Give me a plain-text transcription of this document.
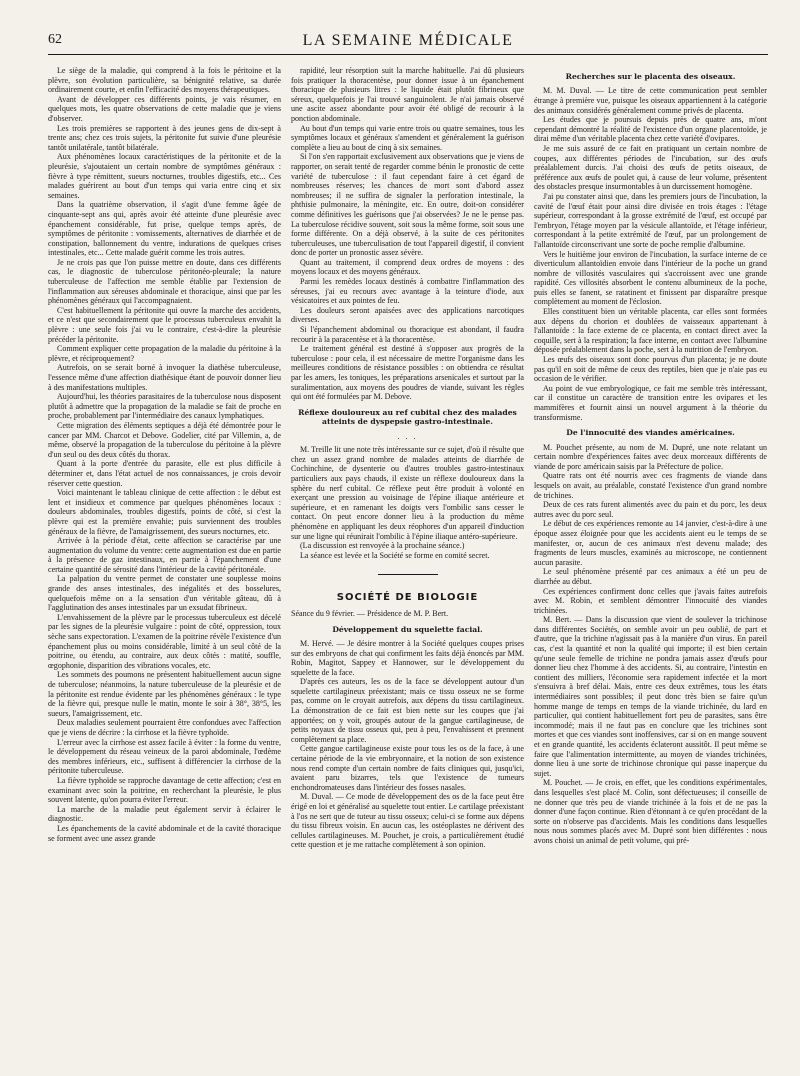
62	LA SEMAINE MÉDICALE

Le siège de la maladie, qui comprend à la fois le péritoine et la plèvre, son évolution particulière, sa bénignité relative, sa durée ordinairement courte, et enfin l'efficacité des moyens thérapeutiques.

Avant de développer ces différents points, je vais résumer, en quelques mots, les quatre observations de cette maladie que je viens d'observer.

Les trois premières se rapportent à des jeunes gens de dix-sept à trente ans; chez ces trois sujets, la péritonite fut suivie d'une pleurésie tantôt unilatérale, tantôt bilatérale.

Aux phénomènes locaux caractéristiques de la péritonite et de la pleurésie, s'ajoutaient un certain nombre de symptômes généraux : fièvre à type rémittent, sueurs nocturnes, troubles digestifs, etc... Ces malades guérirent au bout d'un temps qui varia entre cinq et six semaines.

Dans la quatrième observation, il s'agit d'une femme âgée de cinquante-sept ans qui, après avoir été atteinte d'une pleurésie avec épanchement considérable, fut prise, quelque temps après, de symptômes de péritonite : vomissements, alternatives de diarrhée et de constipation, ballonnement du ventre, indurations de quelques crises intestinales, etc... Cette malade guérit comme les trois autres.

Je ne crois pas que l'on puisse mettre en doute, dans ces différents cas, le diagnostic de tuberculose péritonéo-pleurale; la nature tuberculeuse de l'affection me semble établie par l'extension de l'inflammation aux séreuses abdominale et thoracique, ainsi que par les phénomènes généraux qui l'accompagnaient.

C'est habituellement la péritonite qui ouvre la marche des accidents, et ce n'est que secondairement que le processus tuberculeux envahit la plèvre : une seule fois j'ai vu le contraire, c'est-à-dire la pleurésie précéder la péritonite.

Comment expliquer cette propagation de la maladie du péritoine à la plèvre, et réciproquement?

Autrefois, on se serait borné à invoquer la diathèse tuberculeuse, l'essence même d'une affection diathésique étant de pouvoir donner lieu à des manifestations multiples.

Aujourd'hui, les théories parasitaires de la tuberculose nous disposent plutôt à admettre que la propagation de la maladie se fait de proche en proche, probablement par l'intermédiaire des canaux lymphatiques.

Cette migration des éléments septiques a déjà été démontrée pour le cancer par MM. Charcot et Debove. Godelier, cité par Villemin, a, de même, observé la propagation de la tuberculose du péritoine à la plèvre d'un seul ou des deux côtés du thorax.

Quant à la porte d'entrée du parasite, elle est plus difficile à déterminer et, dans l'état actuel de nos connaissances, je crois devoir réserver cette question.

Voici maintenant le tableau clinique de cette affection : le début est lent et insidieux et commence par quelques phénomènes locaux : douleurs abdominales, troubles digestifs, points de côté, si c'est la plèvre qui est la première envahie; puis surviennent des troubles généraux de la fièvre, de l'amaigrissement, des sueurs nocturnes, etc.

Arrivée à la période d'état, cette affection se caractérise par une augmentation du volume du ventre: cette augmentation est due en partie à la présence de gaz intestinaux, en partie à l'épanchement d'une certaine quantité de sérosité dans l'intérieur de la cavité péritonéale.

La palpation du ventre permet de constater une souplesse moins grande des anses intestinales, des inégalités et des bosselures, quelquefois même on a la sensation d'un véritable gâteau, dû à l'agglutination des anses intestinales par un exsudat fibrineux.

L'envahissement de la plèvre par le processus tuberculeux est décelé par les signes de la pleurésie vulgaire : point de côté, oppression, toux sèche sans expectoration. L'examen de la poitrine révèle l'existence d'un épanchement plus ou moins considérable, limité à un seul côté de la poitrine, ou étendu, au contraire, aux deux côtés : matité, souffle, œgophonie, disparition des vibrations vocales, etc.

Les sommets des poumons ne présentent habituellement aucun signe de tuberculose; néanmoins, la nature tuberculeuse de la pleurésie et de la péritonite est rendue évidente par les phénomènes généraux : le type de la fièvre qui, presque nulle le matin, monte le soir à 38°, 38°5, les sueurs, l'amaigrissement, etc.

Deux maladies seulement pourraient être confondues avec l'affection que je viens de décrire : la cirrhose et la fièvre typhoïde.

L'erreur avec la cirrhose est assez facile à éviter : la forme du ventre, le développement du réseau veineux de la paroi abdominale, l'œdème des membres inférieurs, etc., suffisent à différencier la cirrhose de la péritonite tuberculeuse.

La fièvre typhoïde se rapproche davantage de cette affection; c'est en examinant avec soin la poitrine, en recherchant la pleurésie, le plus souvent latente, qu'on pourra éviter l'erreur.

La marche de la maladie peut également servir à éclairer le diagnostic.

Les épanchements de la cavité abdominale et de la cavité thoracique se forment avec une assez grande

rapidité, leur résorption suit la marche habituelle. J'ai dû plusieurs fois pratiquer la thoracentèse, pour donner issue à un épanchement thoracique de plusieurs litres : le liquide était plutôt fibrineux que séreux, quelquefois je l'ai trouvé sanguinolent. Je n'ai jamais observé une ascite assez abondante pour avoir été obligé de recourir à la ponction abdominale.

Au bout d'un temps qui varie entre trois ou quatre semaines, tous les symptômes locaux et généraux s'amendent et généralement la guérison complète a lieu au bout de cinq à six semaines.

Si l'on s'en rapportait exclusivement aux observations que je viens de rapporter, on serait tenté de regarder comme bénin le pronostic de cette variété de tuberculose : il faut cependant faire à cet égard de nombreuses réserves; les chances de mort sont d'abord assez nombreuses; il ne suffira de signaler la perforation intestinale, la phthisie pulmonaire, la méningite, etc. En outre, doit-on considérer comme définitives les guérisons que j'ai observées? Je ne le pense pas. La tuberculose récidive souvent, soit sous la même forme, soit sous une forme différente. On a déjà observé, à la suite de ces péritonites tuberculeuses, une tuberculisation de tout l'appareil digestif, il convient donc de porter un pronostic assez sévère.

Quant au traitement, il comprend deux ordres de moyens : des moyens locaux et des moyens généraux.

Parmi les remèdes locaux destinés à combattre l'inflammation des séreuses, j'ai eu recours avec avantage à la teinture d'iode, aux vésicatoires et aux pointes de feu.

Les douleurs seront apaisées avec des applications narcotiques diverses.

Si l'épanchement abdominal ou thoracique est abondant, il faudra recourir à la paracentèse et à la thoracentèse.

Le traitement général est destiné à s'opposer aux progrès de la tuberculose : pour cela, il est nécessaire de mettre l'organisme dans les meilleures conditions de résistance possibles : on obtiendra ce résultat par les amers, les toniques, les préparations arsenicales et surtout par la suralimentation, aux moyens des poudres de viande, suivant les règles qui ont été formulées par M. Debove.

Réflexe douloureux au ref cubital chez des malades atteints de dyspepsie gastro-intestinale.

. . .

M. Treille lit une note très intéressante sur ce sujet, d'où il résulte que chez un assez grand nombre de malades atteints de diarrhée de Cochinchine, de dysenterie ou d'autres troubles gastro-intestinaux particuliers aux pays chauds, il existe un réflexe douloureux dans la sphère du nerf cubital. Ce réflexe peut être produit à volonté en exerçant une pression au voisinage de l'épine iliaque antérieure et supérieure, et en ramenant les doigts vers l'ombilic sans cesser le contact. On peut encore donner lieu à la production du même phénomène en appliquant les deux réophores d'un appareil d'induction sur une ligne qui réunirait l'ombilic à l'épine iliaque antéro-supérieure.

(La discussion est renvoyée à la prochaine séance.)

La séance est levée et la Société se forme en comité secret.

SOCIÉTÉ DE BIOLOGIE

Séance du 9 février. — Présidence de M. P. Bert.

Développement du squelette facial.

M. Hervé. — Je désire montrer à la Société quelques coupes prises sur des embryons de chat qui confirment les faits déjà énoncés par MM. Robin, Magitot, Sappey et Hannower, sur le développement du squelette de la face.

D'après ces auteurs, les os de la face se développent autour d'un squelette cartilagineux préexistant; mais ce tissu osseux ne se forme pas, comme on le croyait autrefois, aux dépens du tissu cartilagineux. La démonstration de ce fait est bien nette sur les coupes que j'ai apportées; on y voit, groupés autour de la gangue cartilagineuse, de petits noyaux de tissu osseux qui, peu à peu, l'envahissent et prennent complètement sa place.

Cette gangue cartilagineuse existe pour tous les os de la face, à une certaine période de la vie embryonnaire, et la notion de son existence nous rend compte d'un certain nombre de faits cliniques qui, jusqu'ici, avaient paru bizarres, tels que l'existence de tumeurs enchondromateuses dans l'intérieur des fosses nasales.

M. Duval. — Ce mode de développement des os de la face peut être érigé en loi et généralisé au squelette tout entier. Le cartilage préexistant à l'os ne sert que de tuteur au tissu osseux; celui-ci se forme aux dépens du tissu fibreux voisin. En aucun cas, les ostéoplastes ne dérivent des cellules cartilagineuses. M. Pouchet, je crois, a particulièrement étudié cette question et je me rattache complètement à son opinion.

Recherches sur le placenta des oiseaux.

M. M. Duval. — Le titre de cette communication peut sembler étrange à première vue, puisque les oiseaux appartiennent à la catégorie des animaux considérés généralement comme privés de placenta.

Les études que je poursuis depuis près de quatre ans, m'ont cependant démontré la réalité de l'existence d'un organe placentoïde, je dirai même d'un véritable placenta chez cette variété d'ovipares.

Je me suis assuré de ce fait en pratiquant un certain nombre de coupes, aux différentes périodes de l'incubation, sur des œufs préalablement durcis. J'ai choisi des œufs de petits oiseaux, de préférence aux œufs de poulet qui, à cause de leur volume, présentent des obstacles presque insurmontables à un durcissement homogène.

J'ai pu constater ainsi que, dans les premiers jours de l'incubation, la cavité de l'œuf était pour ainsi dire divisée en trois étages : l'étage supérieur, correspondant à la grosse extrémité de l'œuf, est occupé par l'embryon, l'étage moyen par la vésicule allantoïde, et l'étage inférieur, correspondant à la petite extrémité de l'œuf, par un prolongement de l'allantoïde circonscrivant une sorte de poche remplie d'albumine.

Vers le huitième jour environ de l'incubation, la surface interne de ce diverticulum allantoïdien envoie dans l'intérieur de la poche un grand nombre de villosités vasculaires qui s'accroissent avec une grande rapidité. Ces villosités absorbent le contenu albumineux de la poche, puis elles se fanent, se ratatinent et finissent par disparaître presque complètement au moment de l'éclosion.

Elles constituent bien un véritable placenta, car elles sont formées aux dépens du chorion et doublées de vaisseaux appartenant à l'allantoïde : la face externe de ce placenta, en contact direct avec la coquille, sert à la respiration; la face interne, en contact avec l'albumine déposée préalablement dans la poche, sert à la nutrition de l'embryon.

Les œufs des oiseaux sont donc pourvus d'un placenta; je ne doute pas qu'il en soit de même de ceux des reptiles, bien que je n'aie pas eu occasion de le vérifier.

Au point de vue embryologique, ce fait me semble très intéressant, car il constitue un caractère de transition entre les ovipares et les mammifères et fournit ainsi un nouvel argument à la théorie du transformisme.

De l'innocuité des viandes américaines.

M. Pouchet présente, au nom de M. Dupré, une note relatant un certain nombre d'expériences faites avec deux morceaux différents de viande de porc américain saisis par la Préfecture de police.

Quatre rats ont été nourris avec ces fragments de viande dans lesquels on avait, au préalable, constaté l'existence d'un grand nombre de trichines.

Deux de ces rats furent alimentés avec du pain et du porc, les deux autres avec du porc seul.

Le début de ces expériences remonte au 14 janvier, c'est-à-dire à une époque assez éloignée pour que les accidents aient eu le temps de se manifester, or, aucun de ces animaux n'est devenu malade; des fragments de leurs muscles, examinés au microscope, ne contiennent aucun parasite.

Le seul phénomène présenté par ces animaux a été un peu de diarrhée au début.

Ces expériences confirment donc celles que j'avais faites autrefois avec M. Robin, et semblent démontrer l'innocuité des viandes trichinées.

M. Bert. — Dans la discussion que vient de soulever la trichinose dans différentes Sociétés, on semble avoir un peu oublié, de part et d'autre, que la trichine n'agissait pas à la manière d'un virus. En pareil cas, c'est la quantité et non la qualité qui importe; il est bien certain qu'une seule femelle de trichine ne pondra jamais assez d'œufs pour donner lieu chez l'homme à des accidents. Si, au contraire, l'intestin en contient des milliers, l'économie sera rapidement infectée et la mort s'ensuivra à bref délai. Mais, entre ces deux extrêmes, tous les états intermédiaires sont possibles; il peut donc très bien se faire qu'un homme mange de temps en temps de la viande trichinée, du lard en particulier, qui contient habituellement fort peu de parasites, sans être incommodé; mais il ne faut pas en conclure que les trichines sont mortes et que ces viandes sont inoffensives, car si on en mange souvent et en grande quantité, les accidents éclateront aussitôt. Il peut même se faire que l'alimentation intermittente, au moyen de viandes trichinées, donne lieu à une sorte de trichinose chronique qui passe inaperçue du sujet.

M. Pouchet. — Je crois, en effet, que les conditions expérimentales, dans lesquelles s'est placé M. Colin, sont défectueuses; il conseille de ne donner que très peu de viande trichinée à la fois et de ne pas la donner d'une façon continue. Rien d'étonnant à ce qu'en procédant de la sorte on n'observe pas d'accidents. Mais les conditions dans lesquelles nous nous sommes placés avec M. Dupré sont bien différentes : nous avons choisi un animal de petit volume, qui pré-
